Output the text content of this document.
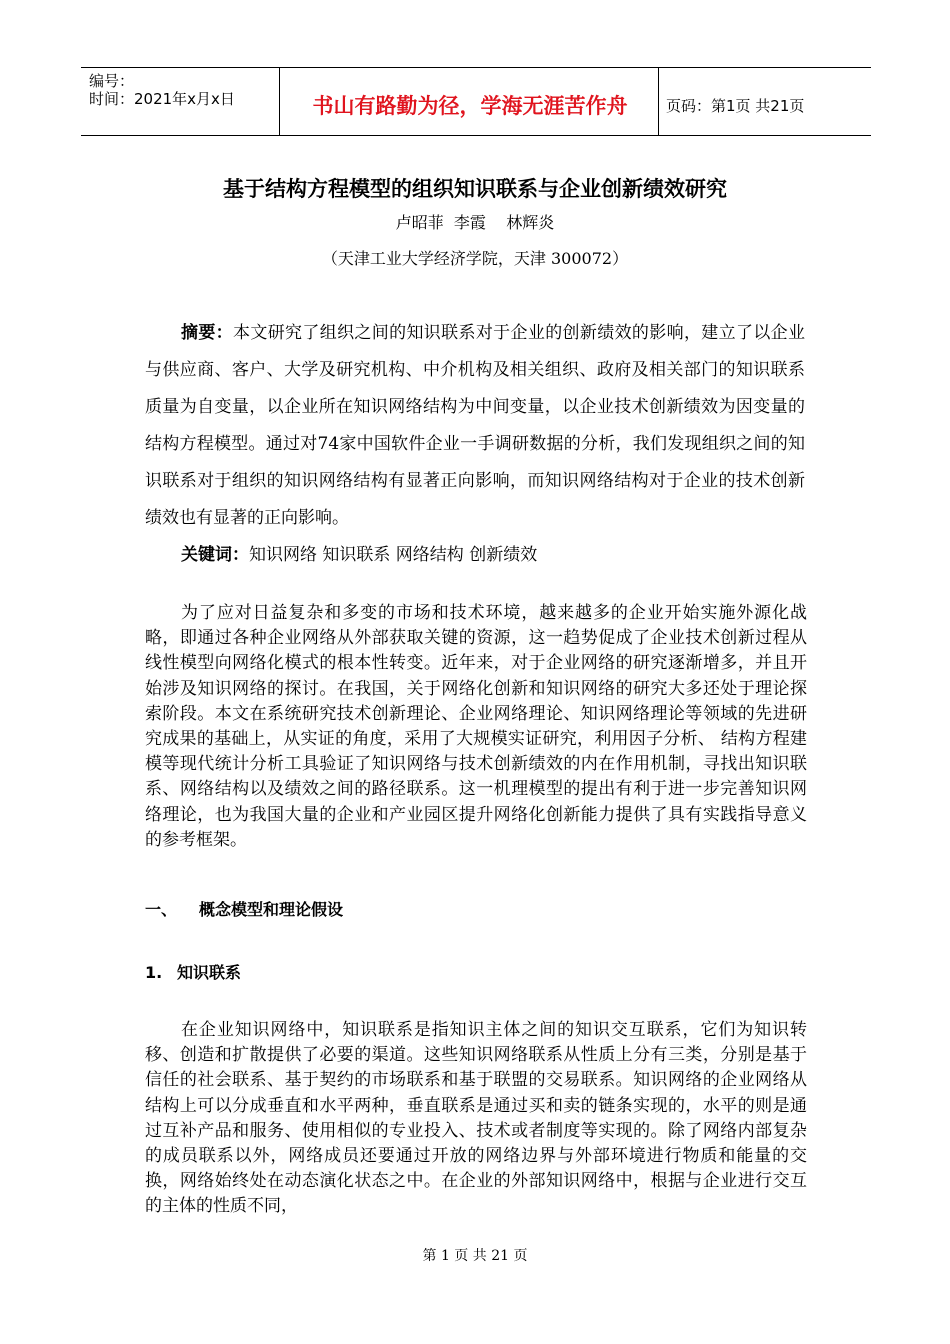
编号：
时间：2021年x月x日	书山有路勤为径，学海无涯苦作舟	页码：第1页 共21页
基于结构方程模型的组织知识联系与企业创新绩效研究
卢昭菲  李霞    林辉炎
（天津工业大学经济学院，天津 300072）
摘要：本文研究了组织之间的知识联系对于企业的创新绩效的影响，建立了以企业与供应商、客户、大学及研究机构、中介机构及相关组织、政府及相关部门的知识联系质量为自变量，以企业所在知识网络结构为中间变量，以企业技术创新绩效为因变量的结构方程模型。通过对74家中国软件企业一手调研数据的分析，我们发现组织之间的知识联系对于组织的知识网络结构有显著正向影响，而知识网络结构对于企业的技术创新绩效也有显著的正向影响。
关键词：知识网络 知识联系 网络结构 创新绩效
为了应对日益复杂和多变的市场和技术环境，越来越多的企业开始实施外源化战略，即通过各种企业网络从外部获取关键的资源，这一趋势促成了企业技术创新过程从线性模型向网络化模式的根本性转变。近年来，对于企业网络的研究逐渐增多，并且开始涉及知识网络的探讨。在我国，关于网络化创新和知识网络的研究大多还处于理论探索阶段。本文在系统研究技术创新理论、企业网络理论、知识网络理论等领域的先进研究成果的基础上，从实证的角度，采用了大规模实证研究，利用因子分析、 结构方程建模等现代统计分析工具验证了知识网络与技术创新绩效的内在作用机制，寻找出知识联系、网络结构以及绩效之间的路径联系。这一机理模型的提出有利于进一步完善知识网络理论，也为我国大量的企业和产业园区提升网络化创新能力提供了具有实践指导意义的参考框架。
一、 概念模型和理论假设
1. 知识联系
在企业知识网络中，知识联系是指知识主体之间的知识交互联系，它们为知识转移、创造和扩散提供了必要的渠道。这些知识网络联系从性质上分有三类，分别是基于信任的社会联系、基于契约的市场联系和基于联盟的交易联系。知识网络的企业网络从结构上可以分成垂直和水平两种，垂直联系是通过买和卖的链条实现的，水平的则是通过互补产品和服务、使用相似的专业投入、技术或者制度等实现的。除了网络内部复杂的成员联系以外，网络成员还要通过开放的网络边界与外部环境进行物质和能量的交换，网络始终处在动态演化状态之中。在企业的外部知识网络中，根据与企业进行交互的主体的性质不同，
第 1 页 共 21 页
